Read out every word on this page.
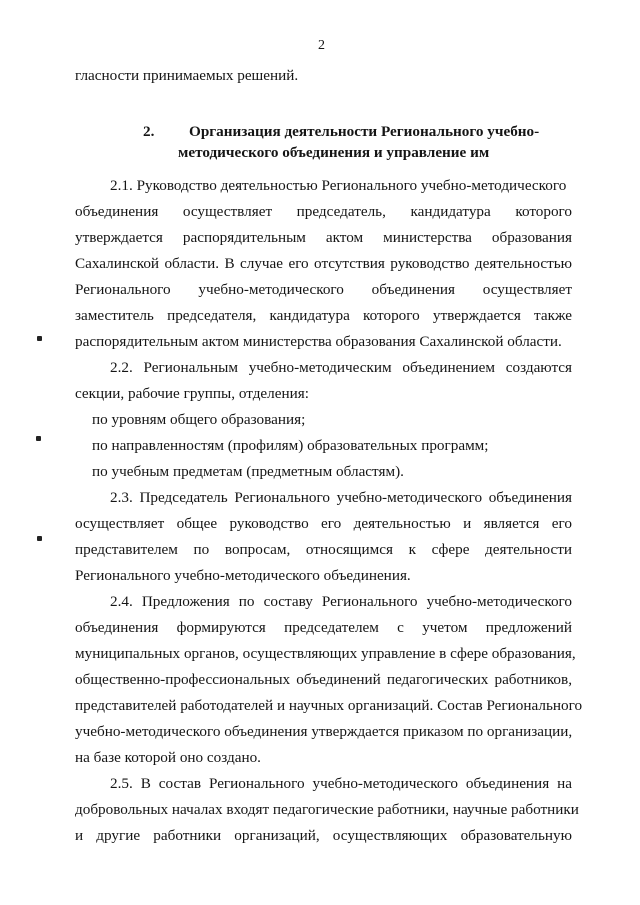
2
гласности принимаемых решений.
2. Организация деятельности Регионального учебно-
методического объединения и управление им
2.1. Руководство деятельностью Регионального учебно-методического
объединения осуществляет председатель, кандидатура которого
утверждается распорядительным актом министерства образования
Сахалинской области. В случае его отсутствия руководство деятельностью
Регионального учебно-методического объединения осуществляет
заместитель председателя, кандидатура которого утверждается также
распорядительным актом министерства образования Сахалинской области.
2.2. Региональным учебно-методическим объединением создаются
секции, рабочие группы, отделения:
по уровням общего образования;
по направленностям (профилям) образовательных программ;
по учебным предметам (предметным областям).
2.3. Председатель Регионального учебно-методического объединения
осуществляет общее руководство его деятельностью и является его
представителем по вопросам, относящимся к сфере деятельности
Регионального учебно-методического объединения.
2.4. Предложения по составу Регионального учебно-методического
объединения формируются председателем с учетом предложений
муниципальных органов, осуществляющих управление в сфере образования,
общественно-профессиональных объединений педагогических работников,
представителей работодателей и научных организаций. Состав Регионального
учебно-методического объединения утверждается приказом по организации,
на базе которой оно создано.
2.5. В состав Регионального учебно-методического объединения на
добровольных началах входят педагогические работники, научные работники
и другие работники организаций, осуществляющих образовательную
